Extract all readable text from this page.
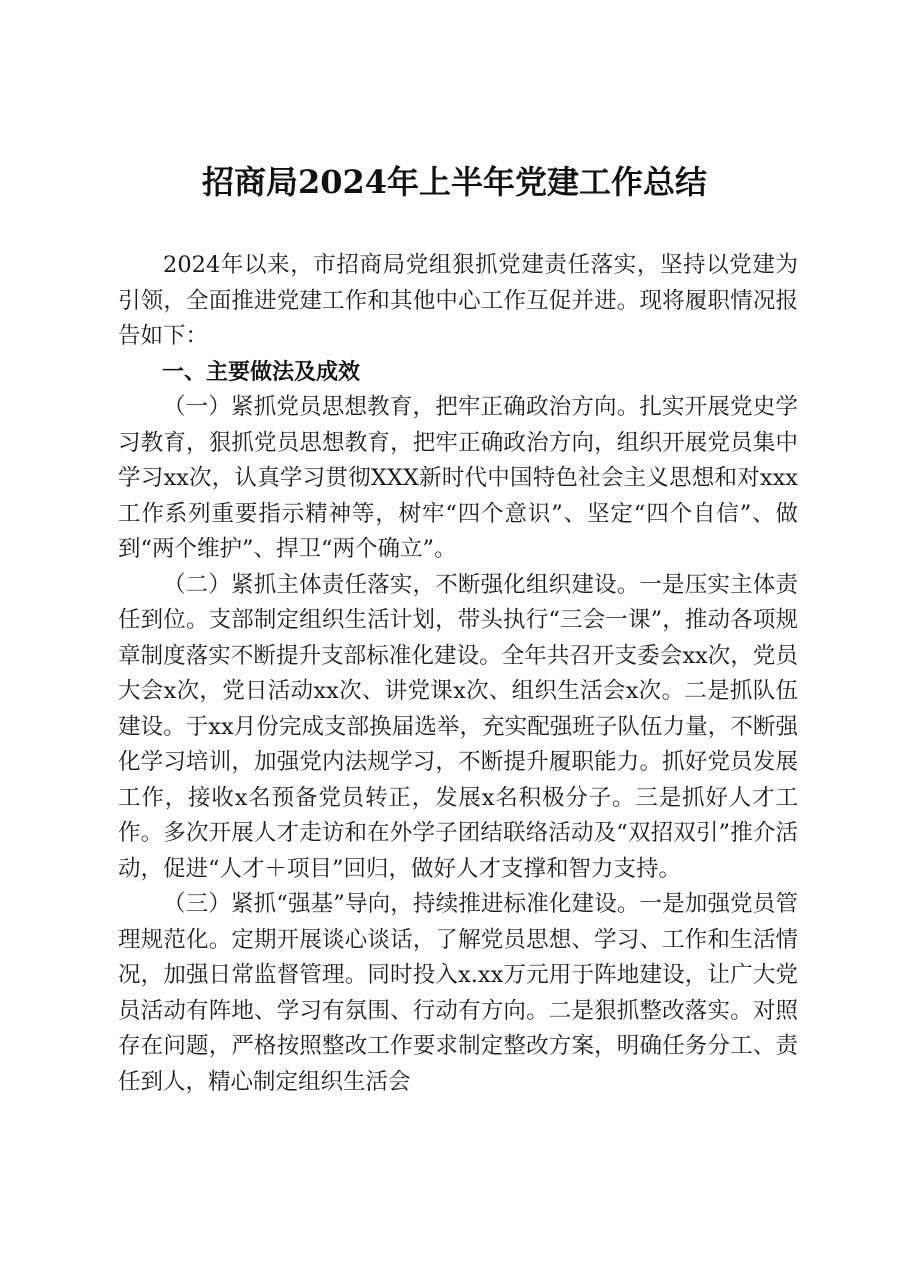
招商局2024年上半年党建工作总结

2024年以来，市招商局党组狠抓党建责任落实，坚持以党建为引领，全面推进党建工作和其他中心工作互促并进。现将履职情况报告如下：

一、主要做法及成效

（一）紧抓党员思想教育，把牢正确政治方向。扎实开展党史学习教育，狠抓党员思想教育，把牢正确政治方向，组织开展党员集中学习xx次，认真学习贯彻XXX新时代中国特色社会主义思想和对xxx工作系列重要指示精神等，树牢“四个意识”、坚定“四个自信”、做到“两个维护”、捍卫“两个确立”。

（二）紧抓主体责任落实，不断强化组织建设。一是压实主体责任到位。支部制定组织生活计划，带头执行“三会一课”，推动各项规章制度落实不断提升支部标准化建设。全年共召开支委会xx次，党员大会x次，党日活动xx次、讲党课x次、组织生活会x次。二是抓队伍建设。于xx月份完成支部换届选举，充实配强班子队伍力量，不断强化学习培训，加强党内法规学习，不断提升履职能力。抓好党员发展工作，接收x名预备党员转正，发展x名积极分子。三是抓好人才工作。多次开展人才走访和在外学子团结联络活动及“双招双引”推介活动，促进“人才＋项目”回归，做好人才支撑和智力支持。

（三）紧抓“强基”导向，持续推进标准化建设。一是加强党员管理规范化。定期开展谈心谈话，了解党员思想、学习、工作和生活情况，加强日常监督管理。同时投入x.xx万元用于阵地建设，让广大党员活动有阵地、学习有氛围、行动有方向。二是狠抓整改落实。对照存在问题，严格按照整改工作要求制定整改方案，明确任务分工、责任到人，精心制定组织生活会
